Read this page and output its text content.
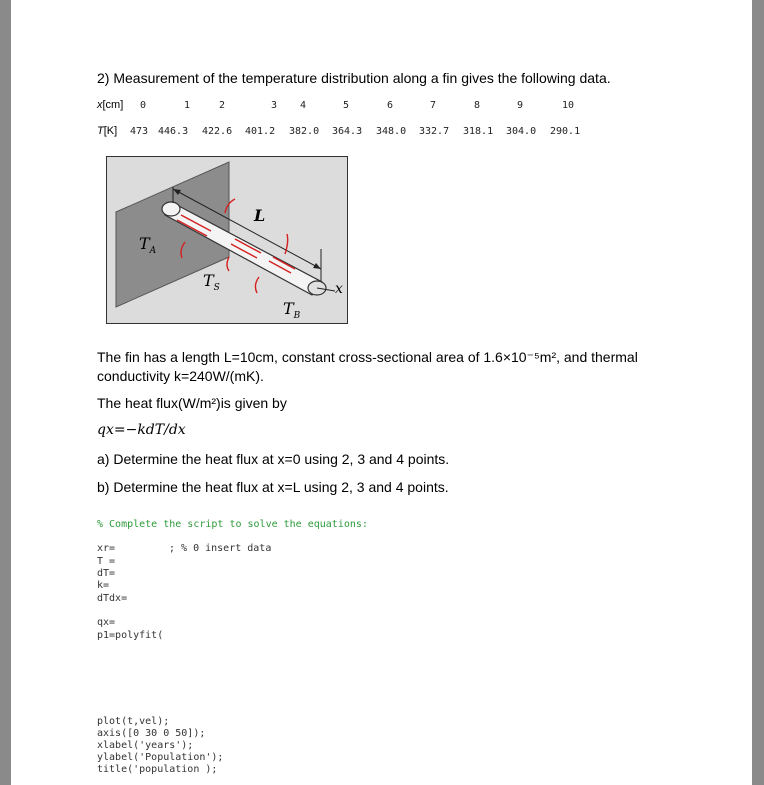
2) Measurement of the temperature distribution along a fin gives the following data.
x[cm] 0	1	2	3 4	5	6	7	8	9	10
T[K] 473 446.3 422.6 401.2 382.0 364.3 348.0 332.7 318.1 304.0 290.1
L
$T_A$
$T_S$
$T_B$
x
The fin has a length L=10cm, constant cross-sectional area of 1.6×10⁻⁵m², and thermal
conductivity k=240W/(mK).
The heat flux(W/m²)is given by
qx=−kdT/dx
a) Determine the heat flux at x=0 using 2, 3 and 4 points.
b) Determine the heat flux at x=L using 2, 3 and 4 points.
% Complete the script to solve the equations:
xr=	; % 0 insert data
T =
dT=
k=
dTdx=
qx=
p1=polyfit(
plot(t,vel);
axis([0 30 0 50]);
xlabel('years');
ylabel('Population');
title('population );
